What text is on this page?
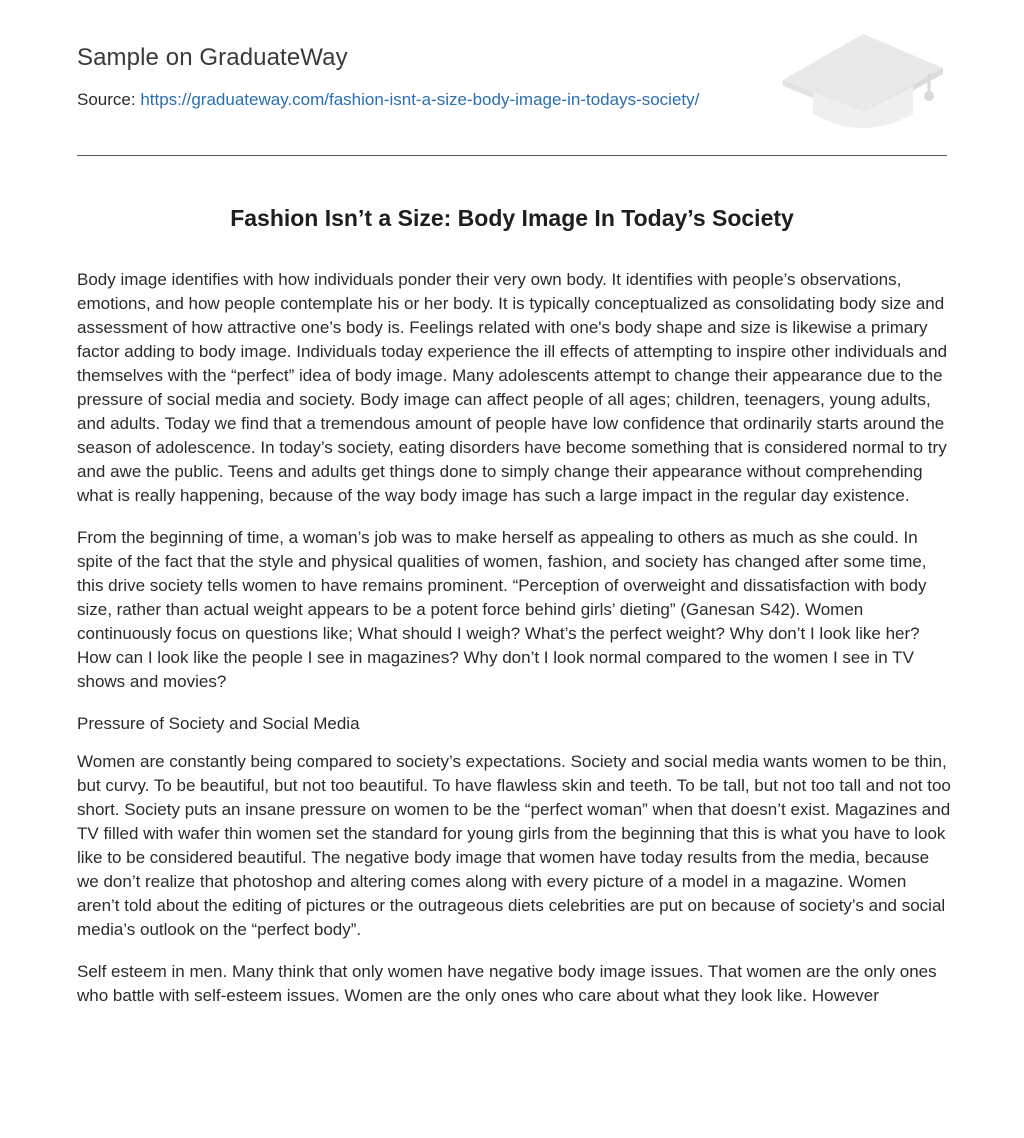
Sample on GraduateWay
Source: https://graduateway.com/fashion-isnt-a-size-body-image-in-todays-society/
Fashion Isn’t a Size: Body Image In Today’s Society

Body image identifies with how individuals ponder their very own body. It identifies with people’s observations, emotions, and how people contemplate his or her body. It is typically conceptualized as consolidating body size and assessment of how attractive one’s body is. Feelings related with one's body shape and size is likewise a primary factor adding to body image. Individuals today experience the ill effects of attempting to inspire other individuals and themselves with the “perfect” idea of body image. Many adolescents attempt to change their appearance due to the pressure of social media and society. Body image can affect people of all ages; children, teenagers, young adults, and adults. Today we find that a tremendous amount of people have low confidence that ordinarily starts around the season of adolescence. In today’s society, eating disorders have become something that is considered normal to try and awe the public. Teens and adults get things done to simply change their appearance without comprehending what is really happening, because of the way body image has such a large impact in the regular day existence.

From the beginning of time, a woman’s job was to make herself as appealing to others as much as she could. In spite of the fact that the style and physical qualities of women, fashion, and society has changed after some time, this drive society tells women to have remains prominent. “Perception of overweight and dissatisfaction with body size, rather than actual weight appears to be a potent force behind girls’ dieting” (Ganesan S42). Women continuously focus on questions like; What should I weigh? What’s the perfect weight? Why don’t I look like her? How can I look like the people I see in magazines? Why don’t I look normal compared to the women I see in TV shows and movies?

Pressure of Society and Social Media

Women are constantly being compared to society’s expectations. Society and social media wants women to be thin, but curvy. To be beautiful, but not too beautiful. To have flawless skin and teeth. To be tall, but not too tall and not too short. Society puts an insane pressure on women to be the “perfect woman” when that doesn’t exist. Magazines and TV filled with wafer thin women set the standard for young girls from the beginning that this is what you have to look like to be considered beautiful. The negative body image that women have today results from the media, because we don’t realize that photoshop and altering comes along with every picture of a model in a magazine. Women aren’t told about the editing of pictures or the outrageous diets celebrities are put on because of society’s and social media’s outlook on the “perfect body”.

Self esteem in men. Many think that only women have negative body image issues. That women are the only ones who battle with self-esteem issues. Women are the only ones who care about what they look like. However
